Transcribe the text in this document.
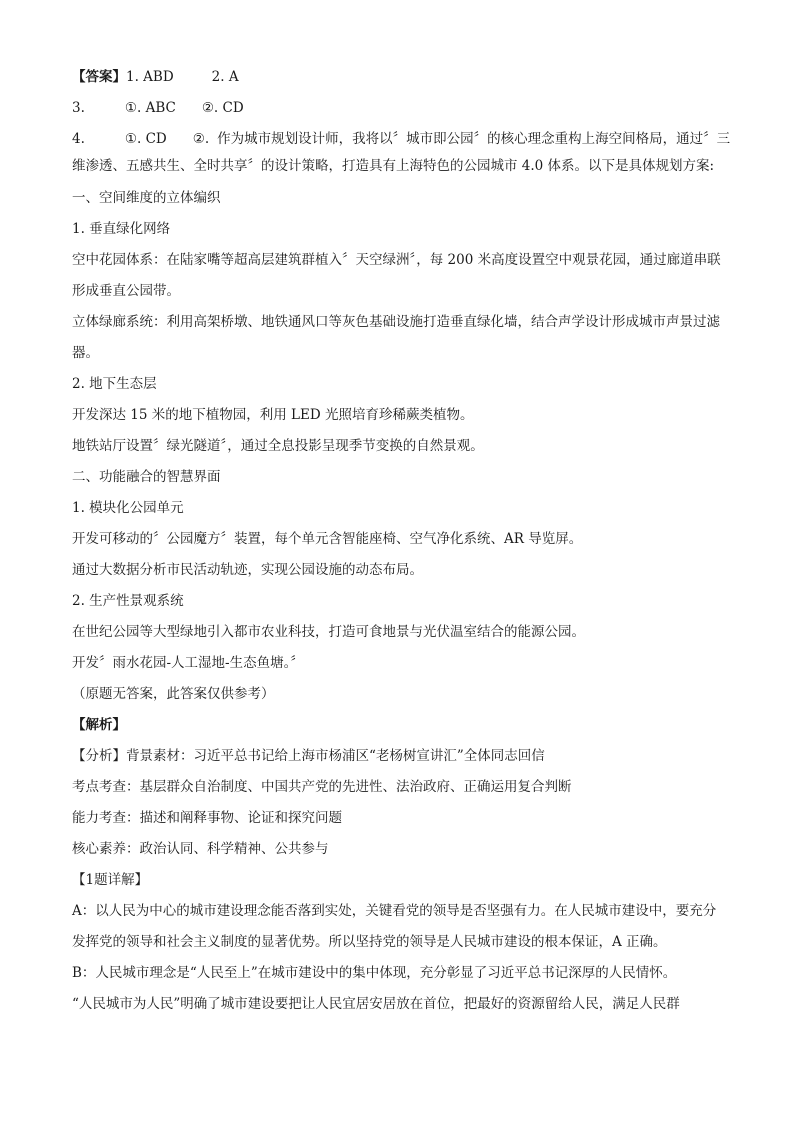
【答案】1. ABD	2. A

3.	①. ABC ②. CD

4.	①. CD ②. 作为城市规划设计师，我将以〞城市即公园〞的核心理念重构上海空间格局，通过〞三

维渗透、五感共生、全时共享〞的设计策略，打造具有上海特色的公园城市 4.0 体系。以下是具体规划方案:

一、空间维度的立体编织

1. 垂直绿化网络

空中花园体系：在陆家嘴等超高层建筑群植入〞天空绿洲〞，每 200 米高度设置空中观景花园，通过廊道串联形成垂直公园带。

立体绿廊系统：利用高架桥墩、地铁通风口等灰色基础设施打造垂直绿化墙，结合声学设计形成城市声景过滤器。

2. 地下生态层

开发深达 15 米的地下植物园，利用 LED 光照培育珍稀蕨类植物。

地铁站厅设置〞绿光隧道〞，通过全息投影呈现季节变换的自然景观。

二、功能融合的智慧界面

1. 模块化公园单元

开发可移动的〞公园魔方〞装置，每个单元含智能座椅、空气净化系统、AR 导览屏。

通过大数据分析市民活动轨迹，实现公园设施的动态布局。

2. 生产性景观系统

在世纪公园等大型绿地引入都市农业科技，打造可食地景与光伏温室结合的能源公园。

开发〞雨水花园-人工湿地-生态鱼塘。〞

（原题无答案，此答案仅供参考）

【解析】

【分析】背景素材：习近平总书记给上海市杨浦区“老杨树宣讲汇”全体同志回信

考点考查：基层群众自治制度、中国共产党的先进性、法治政府、正确运用复合判断

能力考查：描述和阐释事物、论证和探究问题

核心素养：政治认同、科学精神、公共参与

【1题详解】

A：以人民为中心的城市建设理念能否落到实处，关键看党的领导是否坚强有力。在人民城市建设中，要充分发挥党的领导和社会主义制度的显著优势。所以坚持党的领导是人民城市建设的根本保证，A 正确。

B：人民城市理念是“人民至上”在城市建设中的集中体现，充分彰显了习近平总书记深厚的人民情怀。

“人民城市为人民”明确了城市建设要把让人民宜居安居放在首位，把最好的资源留给人民，满足人民群
